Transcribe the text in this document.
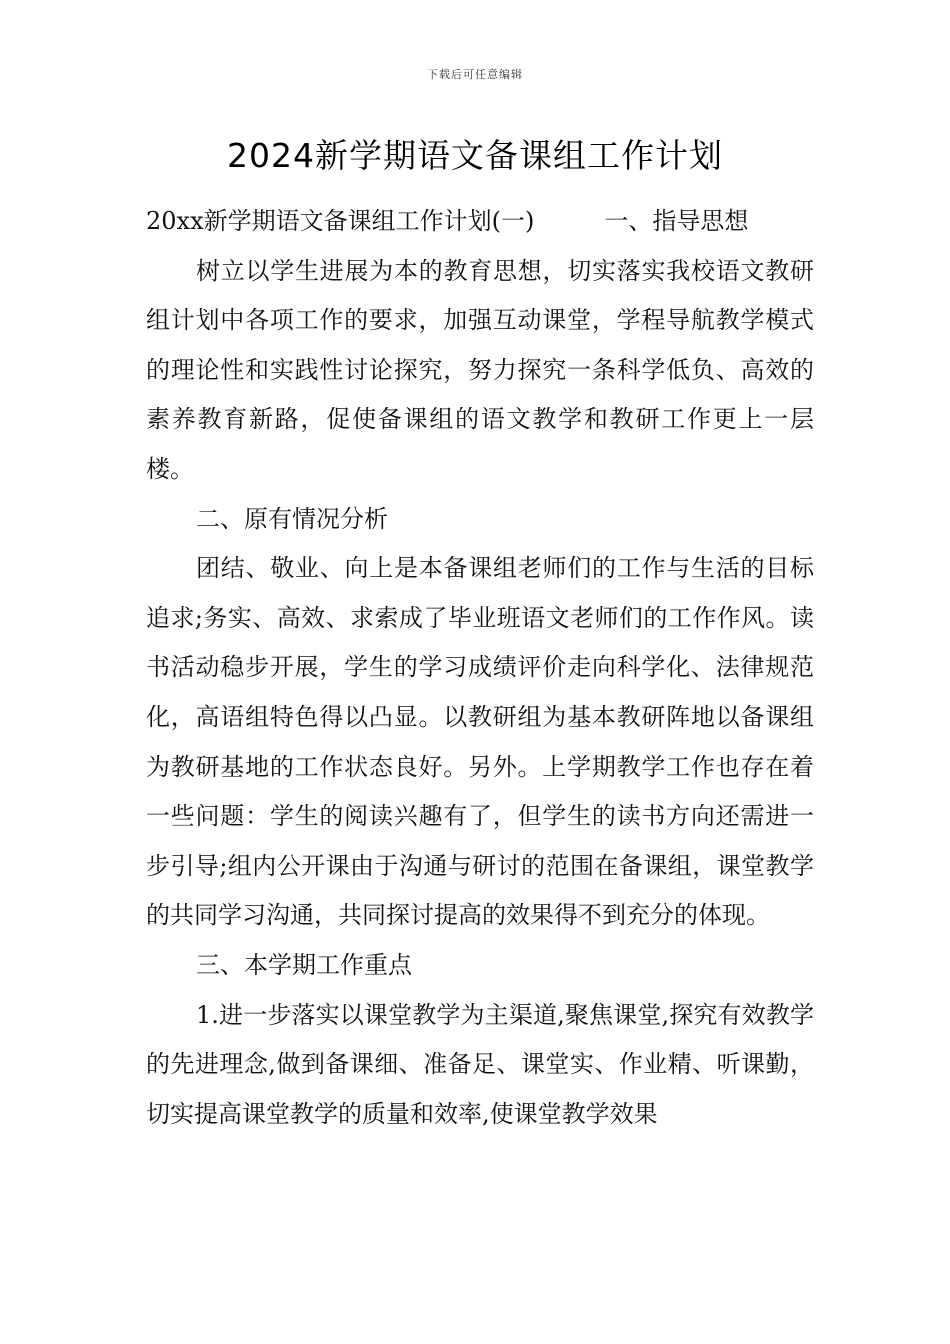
下载后可任意编辑
2024新学期语文备课组工作计划

20xx新学期语文备课组工作计划(一)	一、指导思想

树立以学生进展为本的教育思想，切实落实我校语文教研组计划中各项工作的要求，加强互动课堂，学程导航教学模式的理论性和实践性讨论探究，努力探究一条科学低负、高效的素养教育新路，促使备课组的语文教学和教研工作更上一层楼。

二、原有情况分析

团结、敬业、向上是本备课组老师们的工作与生活的目标追求;务实、高效、求索成了毕业班语文老师们的工作作风。读书活动稳步开展，学生的学习成绩评价走向科学化、法律规范化，高语组特色得以凸显。以教研组为基本教研阵地以备课组为教研基地的工作状态良好。另外。上学期教学工作也存在着一些问题：学生的阅读兴趣有了，但学生的读书方向还需进一步引导;组内公开课由于沟通与研讨的范围在备课组，课堂教学的共同学习沟通，共同探讨提高的效果得不到充分的体现。

三、本学期工作重点

1.进一步落实以课堂教学为主渠道,聚焦课堂,探究有效教学的先进理念,做到备课细、准备足、课堂实、作业精、听课勤，切实提高课堂教学的质量和效率,使课堂教学效果
